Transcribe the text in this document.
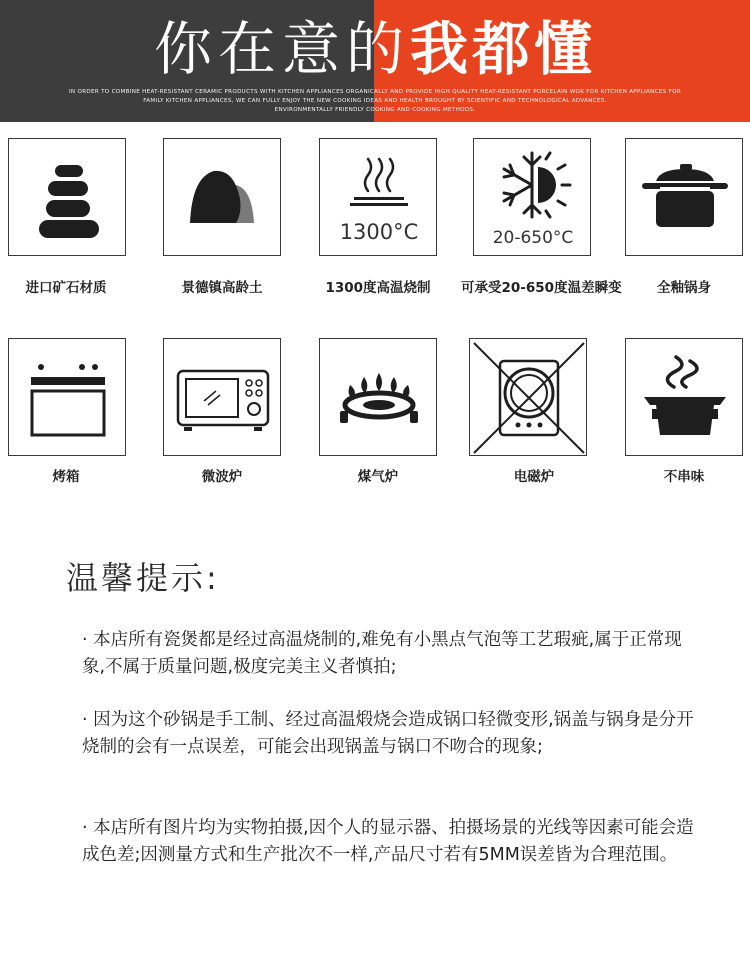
你在意的我都懂
IN ORDER TO COMBINE HEAT-RESISTANT CERAMIC PRODUCTS WITH KITCHEN APPLIANCES ORGANICALLY AND PROVIDE HIGH QUALITY HEAT-RESISTANT PORCELAIN WOK FOR KITCHEN APPLIANCES FOR
FAMILY KITCHEN APPLIANCES, WE CAN FULLY ENJOY THE NEW COOKING IDEAS AND HEALTH BROUGHT BY SCIENTIFIC AND TECHNOLOGICAL ADVANCES.
ENVIRONMENTALLY FRIENDLY COOKING AND COOKING METHODS.
1300°C	20-650°C
进口矿石材质	景德镇高龄土	1300度高温烧制	可承受20-650度温差瞬变	全釉锅身
烤箱	微波炉	煤气炉	电磁炉	不串味
温馨提示:
· 本店所有瓷煲都是经过高温烧制的,难免有小黑点气泡等工艺瑕疵,属于正常现象,不属于质量问题,极度完美主义者慎拍;
· 因为这个砂锅是手工制、经过高温煅烧会造成锅口轻微变形,锅盖与锅身是分开烧制的会有一点误差，可能会出现锅盖与锅口不吻合的现象;
· 本店所有图片均为实物拍摄,因个人的显示器、拍摄场景的光线等因素可能会造成色差;因测量方式和生产批次不一样,产品尺寸若有5MM误差皆为合理范围。
